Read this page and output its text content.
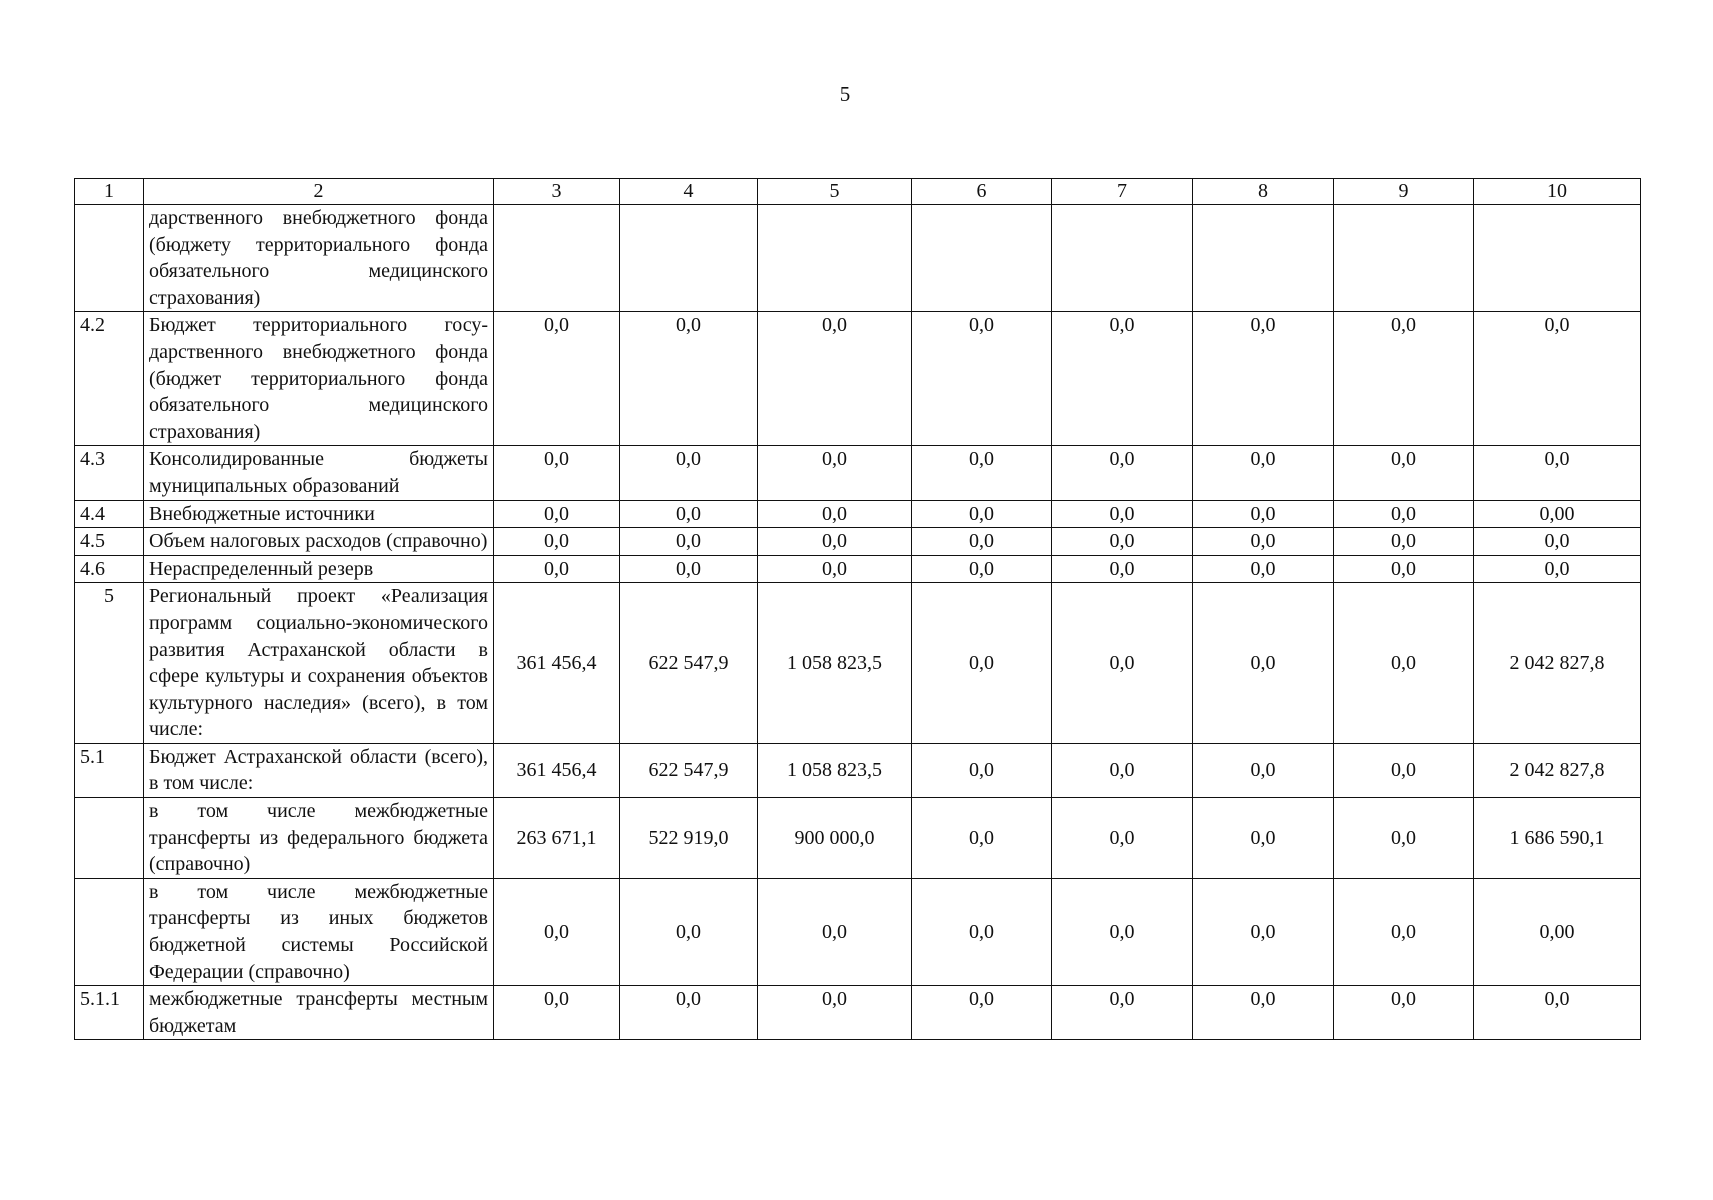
5
1	2	3	4	5	6	7	8	9	10
	дарственного внебюджетного фонда (бюджету территориального фонда обязательного медицинского страхования)								
4.2	Бюджет территориального государственного внебюджетного фонда (бюджет территориального фонда обязательного медицинского страхования)	0,0	0,0	0,0	0,0	0,0	0,0	0,0	0,0
4.3	Консолидированные бюджеты муниципальных образований	0,0	0,0	0,0	0,0	0,0	0,0	0,0	0,0
4.4	Внебюджетные источники	0,0	0,0	0,0	0,0	0,0	0,0	0,0	0,00
4.5	Объем налоговых расходов (справочно)	0,0	0,0	0,0	0,0	0,0	0,0	0,0	0,0
4.6	Нераспределенный резерв	0,0	0,0	0,0	0,0	0,0	0,0	0,0	0,0
5	Региональный проект «Реализация программ социально-экономического развития Астраханской области в сфере культуры и сохранения объектов культурного наследия» (всего), в том числе:	361 456,4	622 547,9	1 058 823,5	0,0	0,0	0,0	0,0	2 042 827,8
5.1	Бюджет Астраханской области (всего), в том числе:	361 456,4	622 547,9	1 058 823,5	0,0	0,0	0,0	0,0	2 042 827,8
	в том числе межбюджетные трансферты из федерального бюджета (справочно)	263 671,1	522 919,0	900 000,0	0,0	0,0	0,0	0,0	1 686 590,1
	в том числе межбюджетные трансферты из иных бюджетов бюджетной системы Российской Федерации (справочно)	0,0	0,0	0,0	0,0	0,0	0,0	0,0	0,00
5.1.1	межбюджетные трансферты местным бюджетам	0,0	0,0	0,0	0,0	0,0	0,0	0,0	0,0
